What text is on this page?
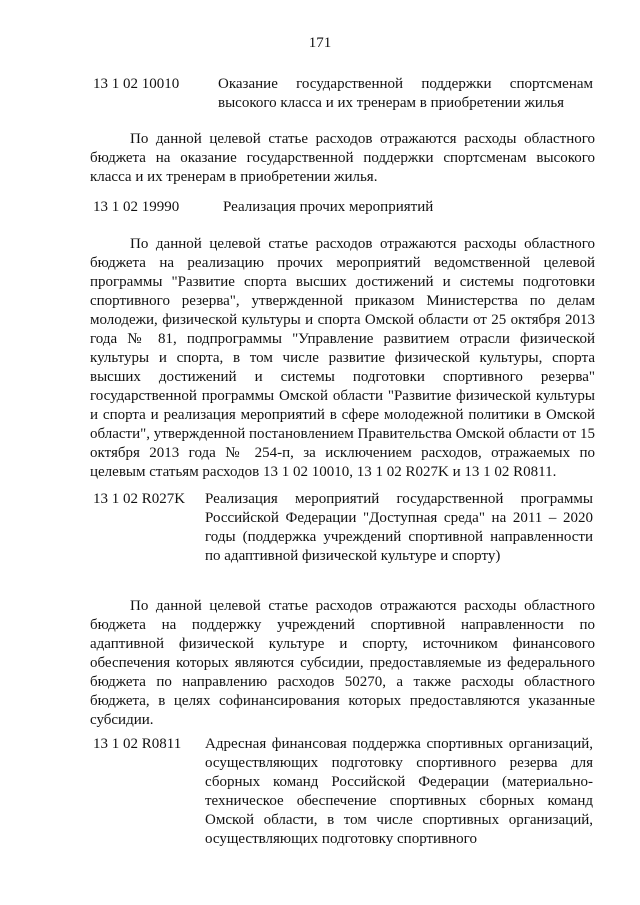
171
13 1 02 10010	Оказание государственной поддержки спортсменам высокого класса и их тренерам в приобретении жилья
По данной целевой статье расходов отражаются расходы областного бюджета на оказание государственной поддержки спортсменам высокого класса и их тренерам в приобретении жилья.
13 1 02 19990	Реализация прочих мероприятий
По данной целевой статье расходов отражаются расходы областного бюджета на реализацию прочих мероприятий ведомственной целевой программы "Развитие спорта высших достижений и системы подготовки спортивного резерва", утвержденной приказом Министерства по делам молодежи, физической культуры и спорта Омской области от 25 октября 2013 года № 81, подпрограммы "Управление развитием отрасли физической культуры и спорта, в том числе развитие физической культуры, спорта высших достижений и системы подготовки спортивного резерва" государственной программы Омской области "Развитие физической культуры и спорта и реализация мероприятий в сфере молодежной политики в Омской области", утвержденной постановлением Правительства Омской области от 15 октября 2013 года № 254-п, за исключением расходов, отражаемых по целевым статьям расходов 13 1 02 10010, 13 1 02 R027K и 13 1 02 R0811.
13 1 02 R027K Реализация мероприятий государственной программы Российской Федерации "Доступная среда" на 2011 – 2020 годы (поддержка учреждений спортивной направленности по адаптивной физической культуре и спорту)
По данной целевой статье расходов отражаются расходы областного бюджета на поддержку учреждений спортивной направленности по адаптивной физической культуре и спорту, источником финансового обеспечения которых являются субсидии, предоставляемые из федерального бюджета по направлению расходов 50270, а также расходы областного бюджета, в целях софинансирования которых предоставляются указанные субсидии.
13 1 02 R0811 Адресная финансовая поддержка спортивных организаций, осуществляющих подготовку спортивного резерва для сборных команд Российской Федерации (материально-техническое обеспечение спортивных сборных команд Омской области, в том числе спортивных организаций, осуществляющих подготовку спортивного
